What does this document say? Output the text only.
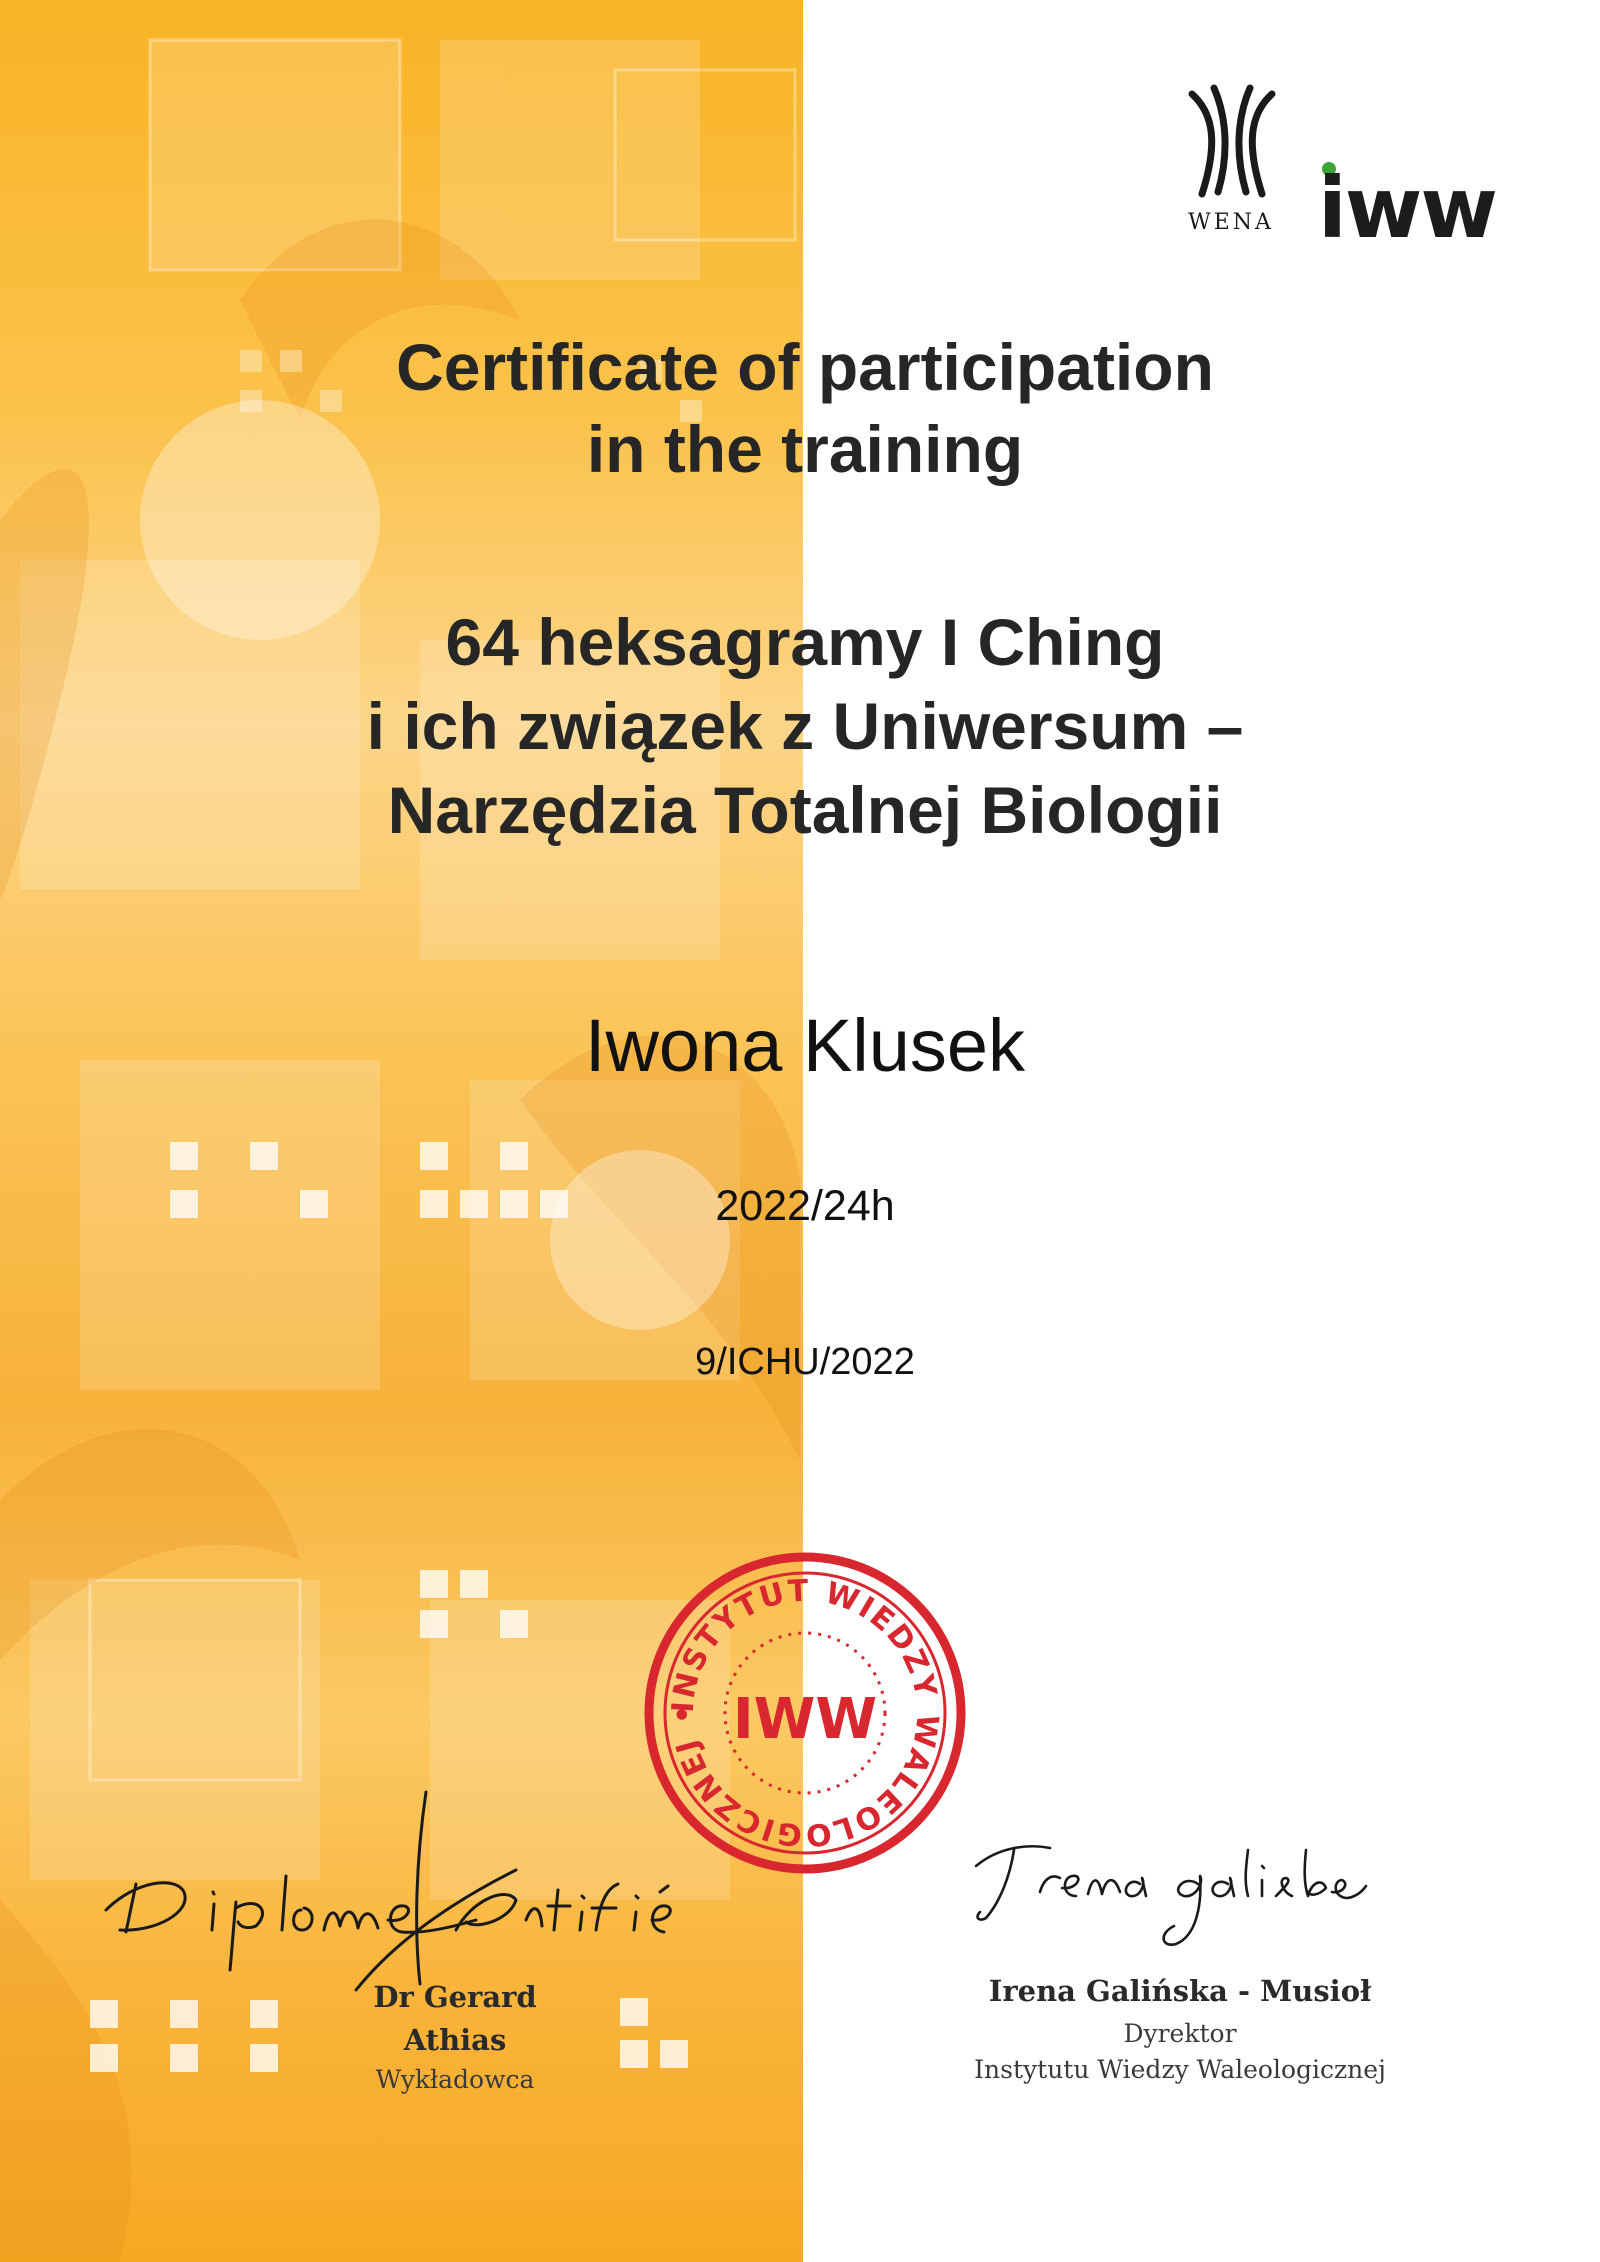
WENA iww
Certificate of participation
in the training
64 heksagramy I Ching
i ich związek z Uniwersum –
Narzędzia Totalnej Biologii
Iwona Klusek
2022/24h
9/ICHU/2022
INSTYTUT WIEDZY WALEOLOGICZNEJ • IWW
Dr Gerard
Athias
Wykładowca
Irena Galińska - Musioł
Dyrektor
Instytutu Wiedzy Waleologicznej
